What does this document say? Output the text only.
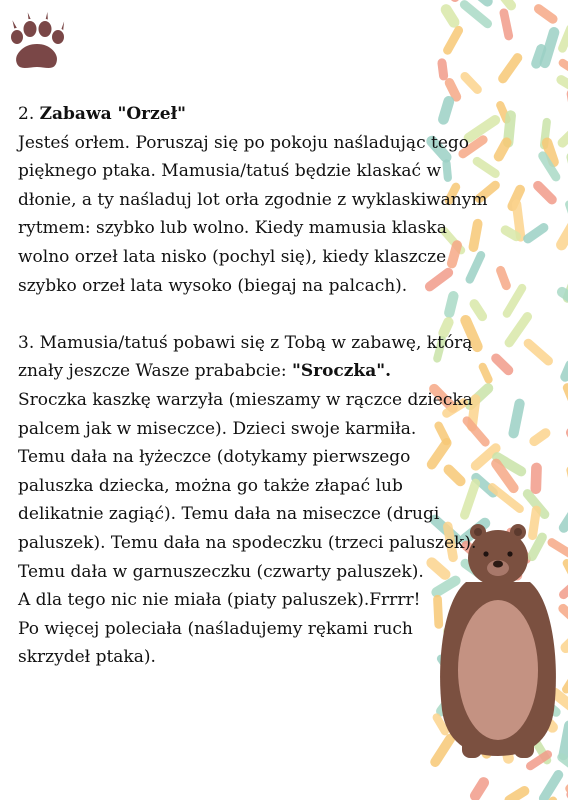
2. Zabawa "Orzeł"

Jesteś orłem. Poruszaj się po pokoju naśladując tego pięknego ptaka. Mamusia/tatuś będzie klaskać w dłonie, a ty naśladuj lot orła zgodnie z wyklaskiwanym rytmem: szybko lub wolno. Kiedy mamusia klaska wolno orzeł lata nisko (pochyl się), kiedy klaszcze szybko orzeł lata wysoko (biegaj na palcach).

3. Mamusia/tatuś pobawi się z Tobą w zabawę, którą znały jeszcze Wasze prababcie: "Sroczka".

Sroczka kaszkę warzyła (mieszamy w rączce dziecka palcem jak w miseczce). Dzieci swoje karmiła.

Temu dała na łyżeczce (dotykamy pierwszego paluszka dziecka, można go także złapać lub delikatnie zagiąć). Temu dała na miseczce (drugi paluszek). Temu dała na spodeczku (trzeci paluszek).

Temu dała w garnuszeczku (czwarty paluszek).

A dla tego nic nie miała (piaty paluszek).Frrrr!

Po więcej poleciała (naśladujemy rękami ruch skrzydeł ptaka).
